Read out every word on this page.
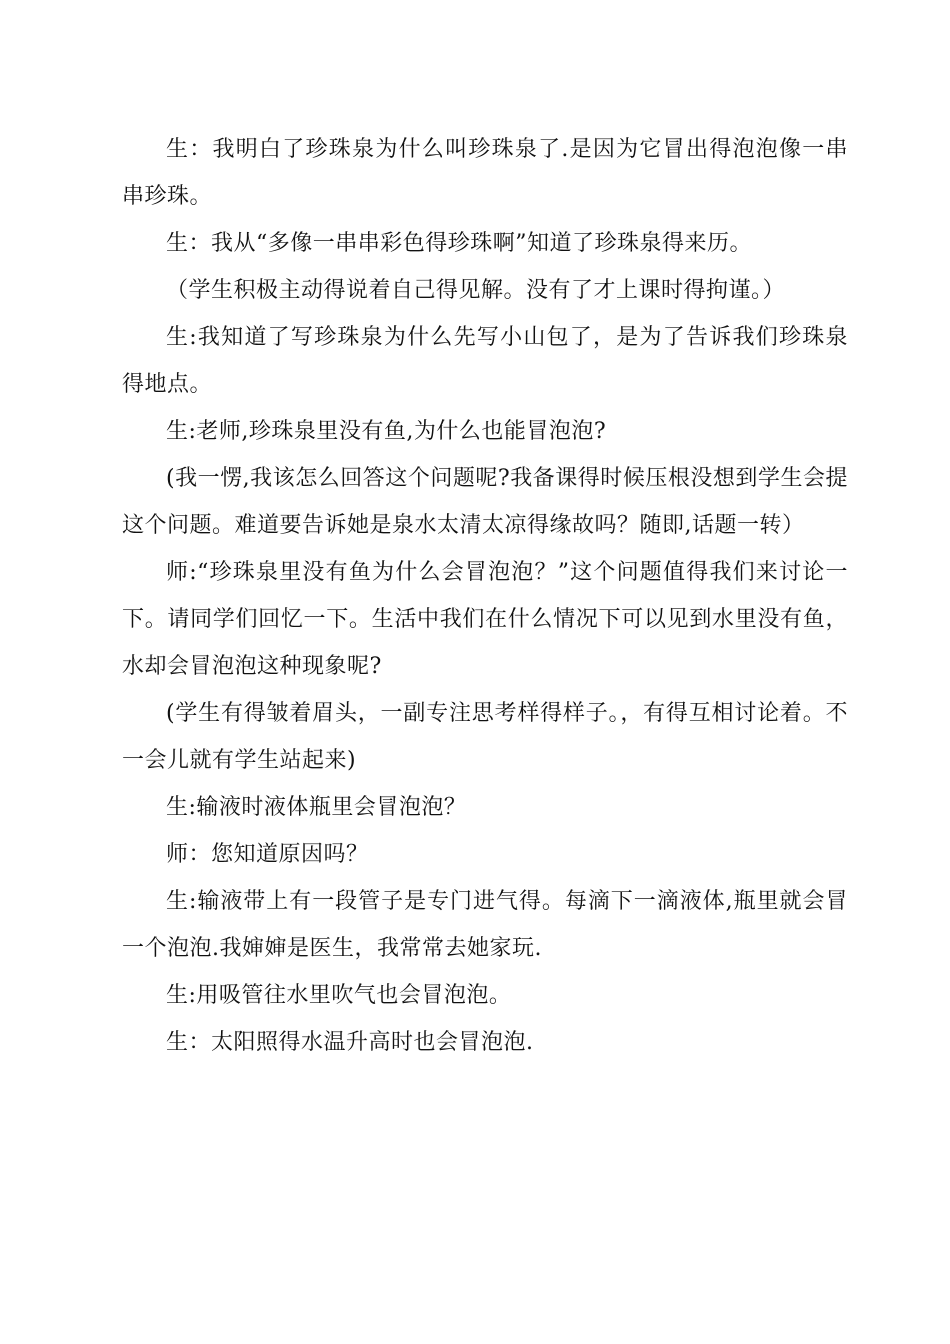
生：我明白了珍珠泉为什么叫珍珠泉了.是因为它冒出得泡泡像一串串珍珠。

生：我从“多像一串串彩色得珍珠啊”知道了珍珠泉得来历。

（学生积极主动得说着自己得见解。没有了才上课时得拘谨。）

生:我知道了写珍珠泉为什么先写小山包了，是为了告诉我们珍珠泉得地点。

生:老师,珍珠泉里没有鱼,为什么也能冒泡泡?

(我一愣,我该怎么回答这个问题呢?我备课得时候压根没想到学生会提这个问题。难道要告诉她是泉水太清太凉得缘故吗？随即,话题一转）

师:“珍珠泉里没有鱼为什么会冒泡泡？”这个问题值得我们来讨论一下。请同学们回忆一下。生活中我们在什么情况下可以见到水里没有鱼，水却会冒泡泡这种现象呢?

(学生有得皱着眉头，一副专注思考样得样子。，有得互相讨论着。不一会儿就有学生站起来)

生:输液时液体瓶里会冒泡泡？

师：您知道原因吗？

生:输液带上有一段管子是专门进气得。每滴下一滴液体,瓶里就会冒一个泡泡.我婶婶是医生，我常常去她家玩.

生:用吸管往水里吹气也会冒泡泡。

生：太阳照得水温升高时也会冒泡泡.
